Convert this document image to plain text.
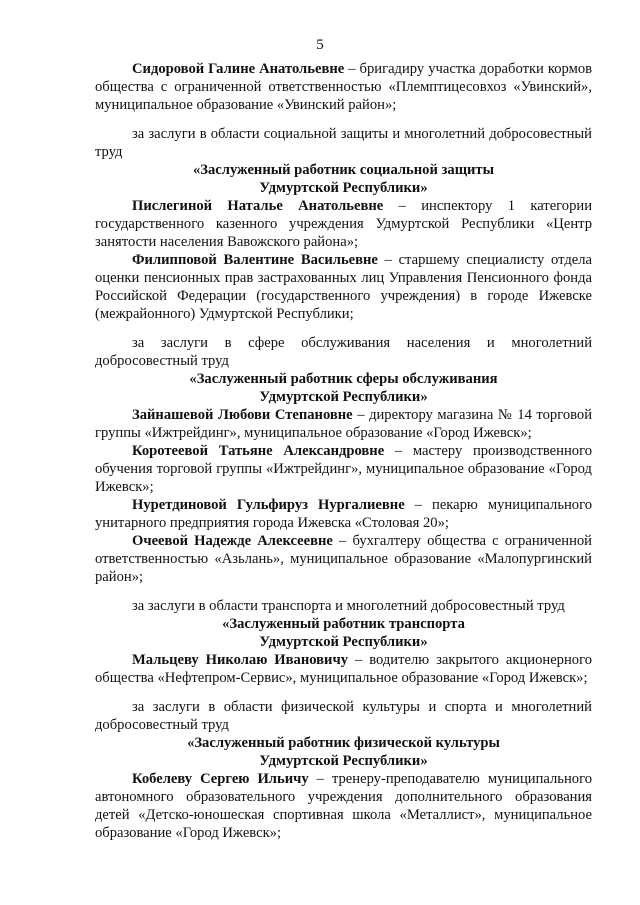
5

Сидоровой Галине Анатольевне – бригадиру участка доработки кормов общества с ограниченной ответственностью «Племптицесовхоз «Увинский», муниципальное образование «Увинский район»;

за заслуги в области социальной защиты и многолетний добросовестный труд

«Заслуженный работник социальной защиты

Удмуртской Республики»

Пислегиной Наталье Анатольевне – инспектору 1 категории государственного казенного учреждения Удмуртской Республики «Центр занятости населения Вавожского района»;

Филипповой Валентине Васильевне – старшему специалисту отдела оценки пенсионных прав застрахованных лиц Управления Пенсионного фонда Российской Федерации (государственного учреждения) в городе Ижевске (межрайонного) Удмуртской Республики;

за заслуги в сфере обслуживания населения и многолетний добросовестный труд

«Заслуженный работник сферы обслуживания

Удмуртской Республики»

Зайнашевой Любови Степановне – директору магазина № 14 торговой группы «Ижтрейдинг», муниципальное образование «Город Ижевск»;

Коротеевой Татьяне Александровне – мастеру производственного обучения торговой группы «Ижтрейдинг», муниципальное образование «Город Ижевск»;

Нуретдиновой Гульфируз Нургалиевне – пекарю муниципального унитарного предприятия города Ижевска «Столовая 20»;

Очеевой Надежде Алексеевне – бухгалтеру общества с ограниченной ответственностью «Азьлань», муниципальное образование «Малопургинский район»;

за заслуги в области транспорта и многолетний добросовестный труд

«Заслуженный работник транспорта

Удмуртской Республики»

Мальцеву Николаю Ивановичу – водителю закрытого акционерного общества «Нефтепром-Сервис», муниципальное образование «Город Ижевск»;

за заслуги в области физической культуры и спорта и многолетний добросовестный труд

«Заслуженный работник физической культуры

Удмуртской Республики»

Кобелеву Сергею Ильичу – тренеру-преподавателю муниципального автономного образовательного учреждения дополнительного образования детей «Детско-юношеская спортивная школа «Металлист», муниципальное образование «Город Ижевск»;
